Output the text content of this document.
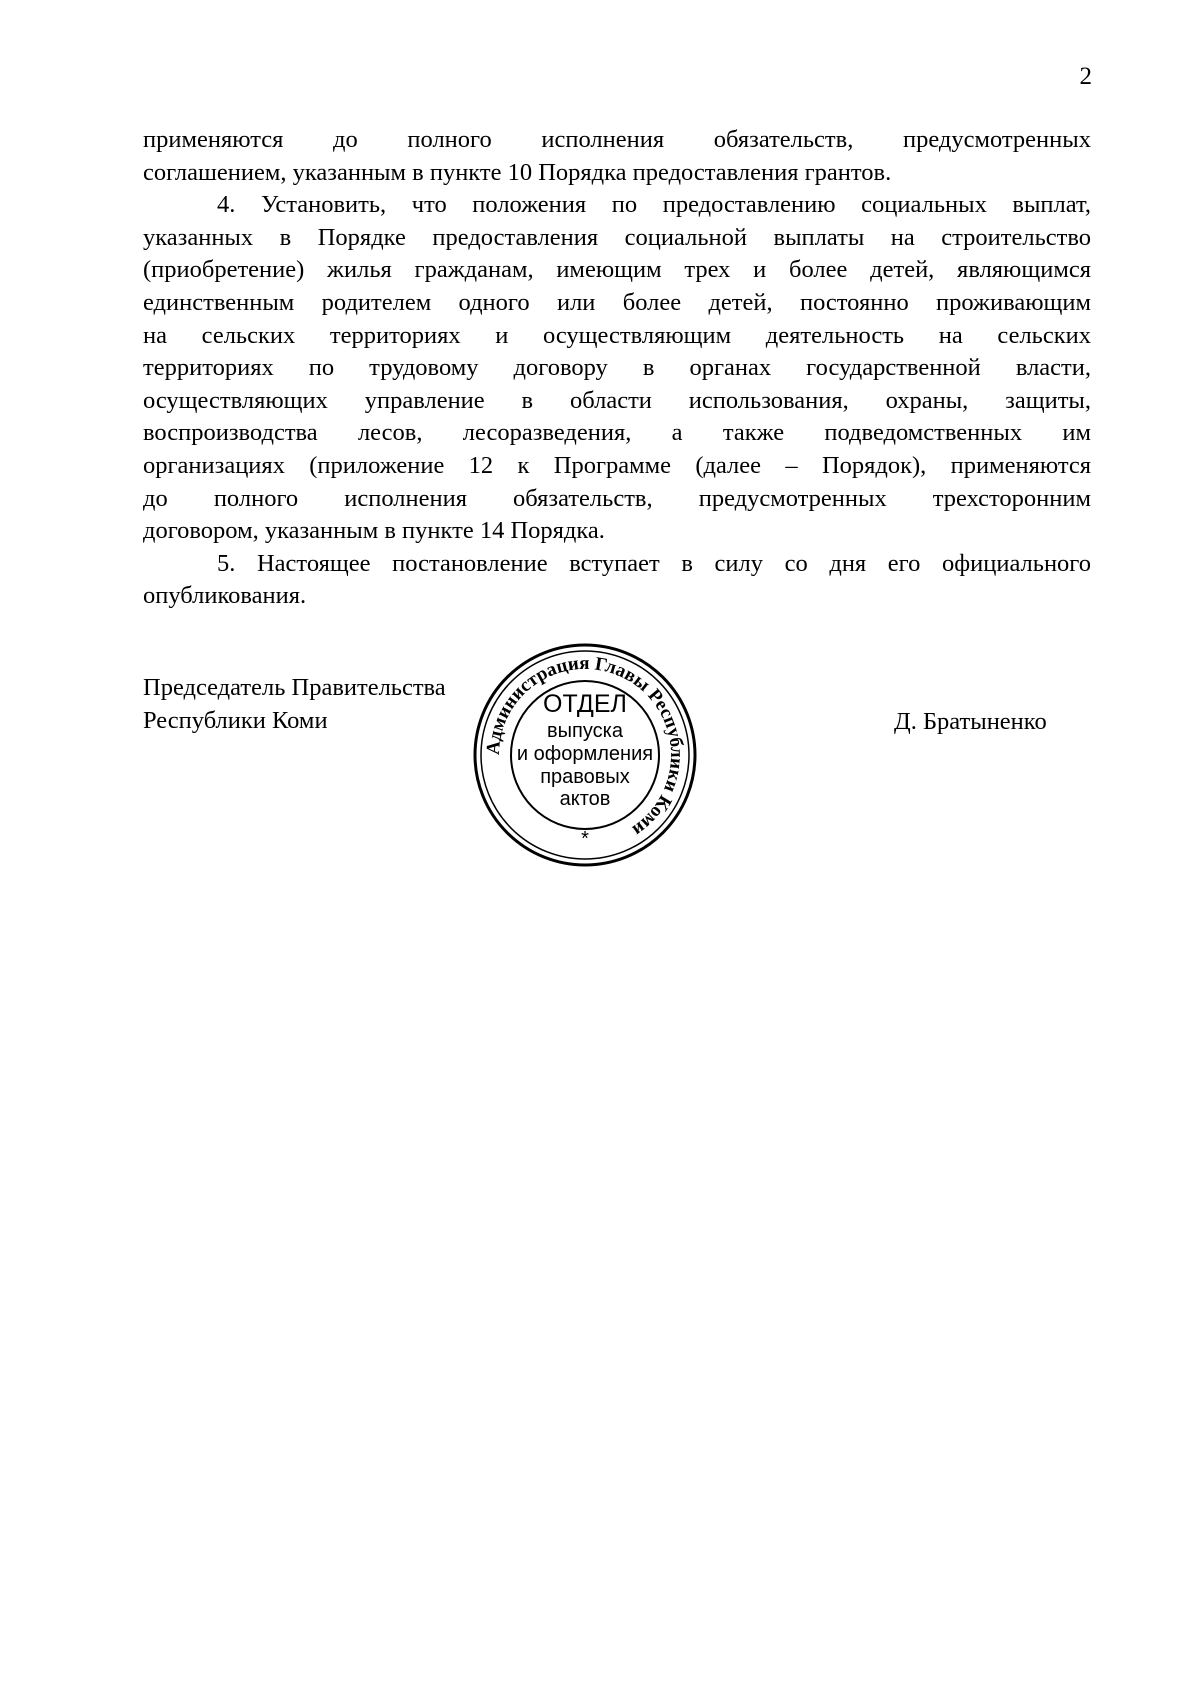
2

применяются до полного исполнения обязательств, предусмотренных
соглашением, указанным в пункте 10 Порядка предоставления грантов.

4. Установить, что положения по предоставлению социальных выплат,
указанных в Порядке предоставления социальной выплаты на строительство
(приобретение) жилья гражданам, имеющим трех и более детей, являющимся
единственным родителем одного или более детей, постоянно проживающим
на сельских территориях и осуществляющим деятельность на сельских
территориях по трудовому договору в органах государственной власти,
осуществляющих управление в области использования, охраны, защиты,
воспроизводства лесов, лесоразведения, а также подведомственных им
организациях (приложение 12 к Программе (далее – Порядок), применяются
до полного исполнения обязательств, предусмотренных трехсторонним
договором, указанным в пункте 14 Порядка.

5. Настоящее постановление вступает в силу со дня его официального
опубликования.

Председатель Правительства
Республики Коми	Д. Братыненко
Администрация Главы Республики Коми
ОТДЕЛ
выпуска
и оформления
правовых
актов
*
